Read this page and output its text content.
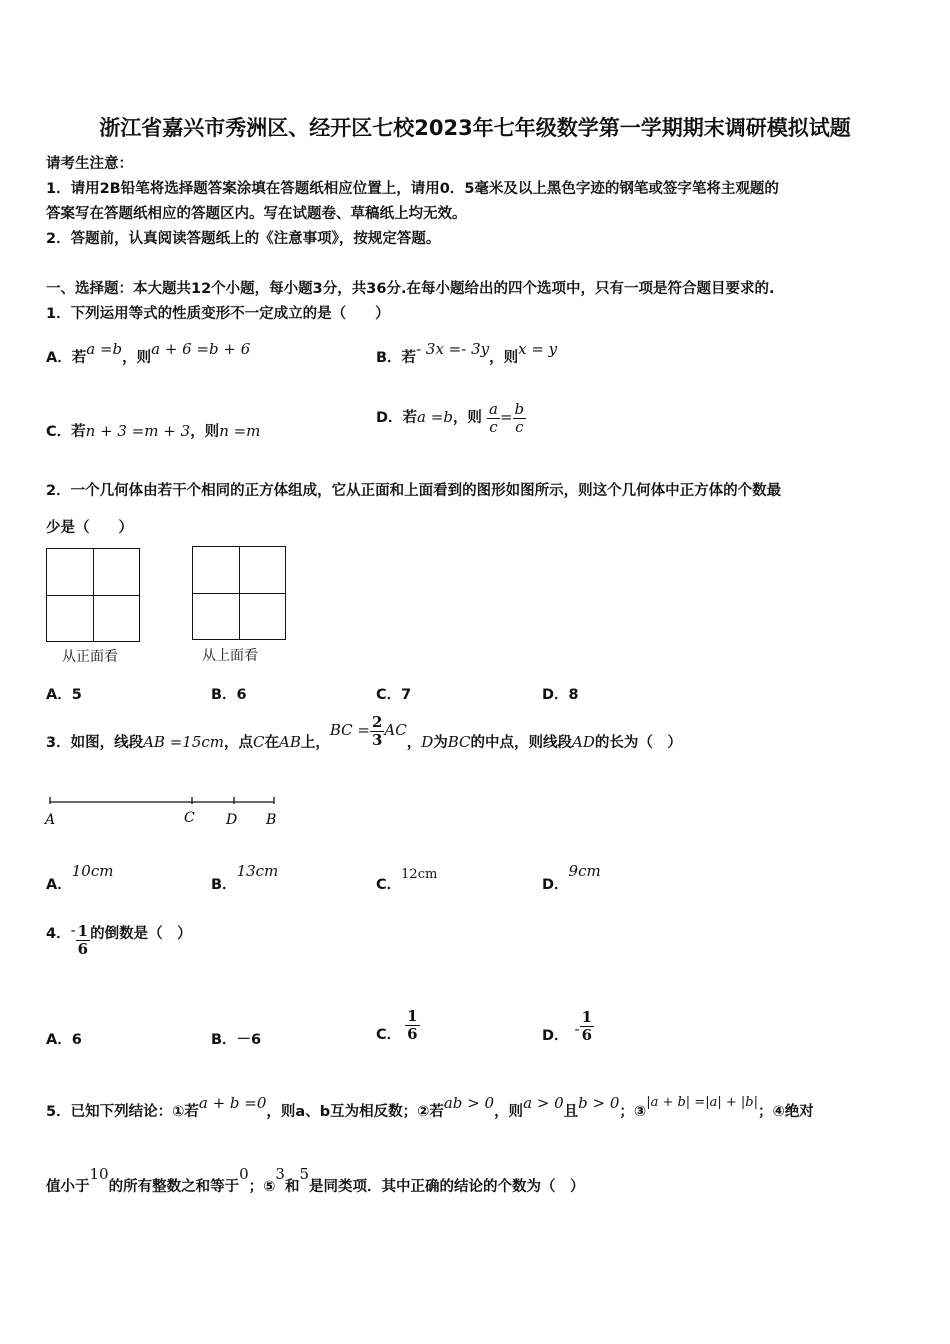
浙江省嘉兴市秀洲区、经开区七校2023年七年级数学第一学期期末调研模拟试题
请考生注意：
1．请用2B铅笔将选择题答案涂填在答题纸相应位置上，请用0．5毫米及以上黑色字迹的钢笔或签字笔将主观题的
答案写在答题纸相应的答题区内。写在试题卷、草稿纸上均无效。
2．答题前，认真阅读答题纸上的《注意事项》，按规定答题。
一、选择题：本大题共12个小题，每小题3分，共36分.在每小题给出的四个选项中，只有一项是符合题目要求的.
1．下列运用等式的性质变形不一定成立的是（　　）
A．若a =b，则a + 6 =b + 6	B．若- 3x =- 3y，则x = y
C．若n + 3 =m + 3，则n =m
D．若a =b，则 $\frac{a}{c} = \frac{b}{c}$
2．一个几何体由若干个相同的正方体组成，它从正面和上面看到的图形如图所示，则这个几何体中正方体的个数最
少是（　　）
从正面看	从上面看
A．5	B．6	C．7	D．8
3．如图，线段AB =15cm，点C在AB上，BC = $\frac{2}{3}$ AC，D为BC的中点，则线段AD的长为（　）
A	C D B
A．10cm
B．13cm
C．12cm
D．9cm
4．- $\frac{1}{6}$ 的倒数是（　）
A．6	B．－6	C． $\frac{1}{6}$	D． - $\frac{1}{6}$
5．已知下列结论：①若a + b =0，则a、b互为相反数；②若ab > 0，则a > 0且b > 0；③|a + b| =|a| + |b|；④绝对
值小于10的所有整数之和等于0；⑤3和5是同类项．其中正确的结论的个数为（　）
